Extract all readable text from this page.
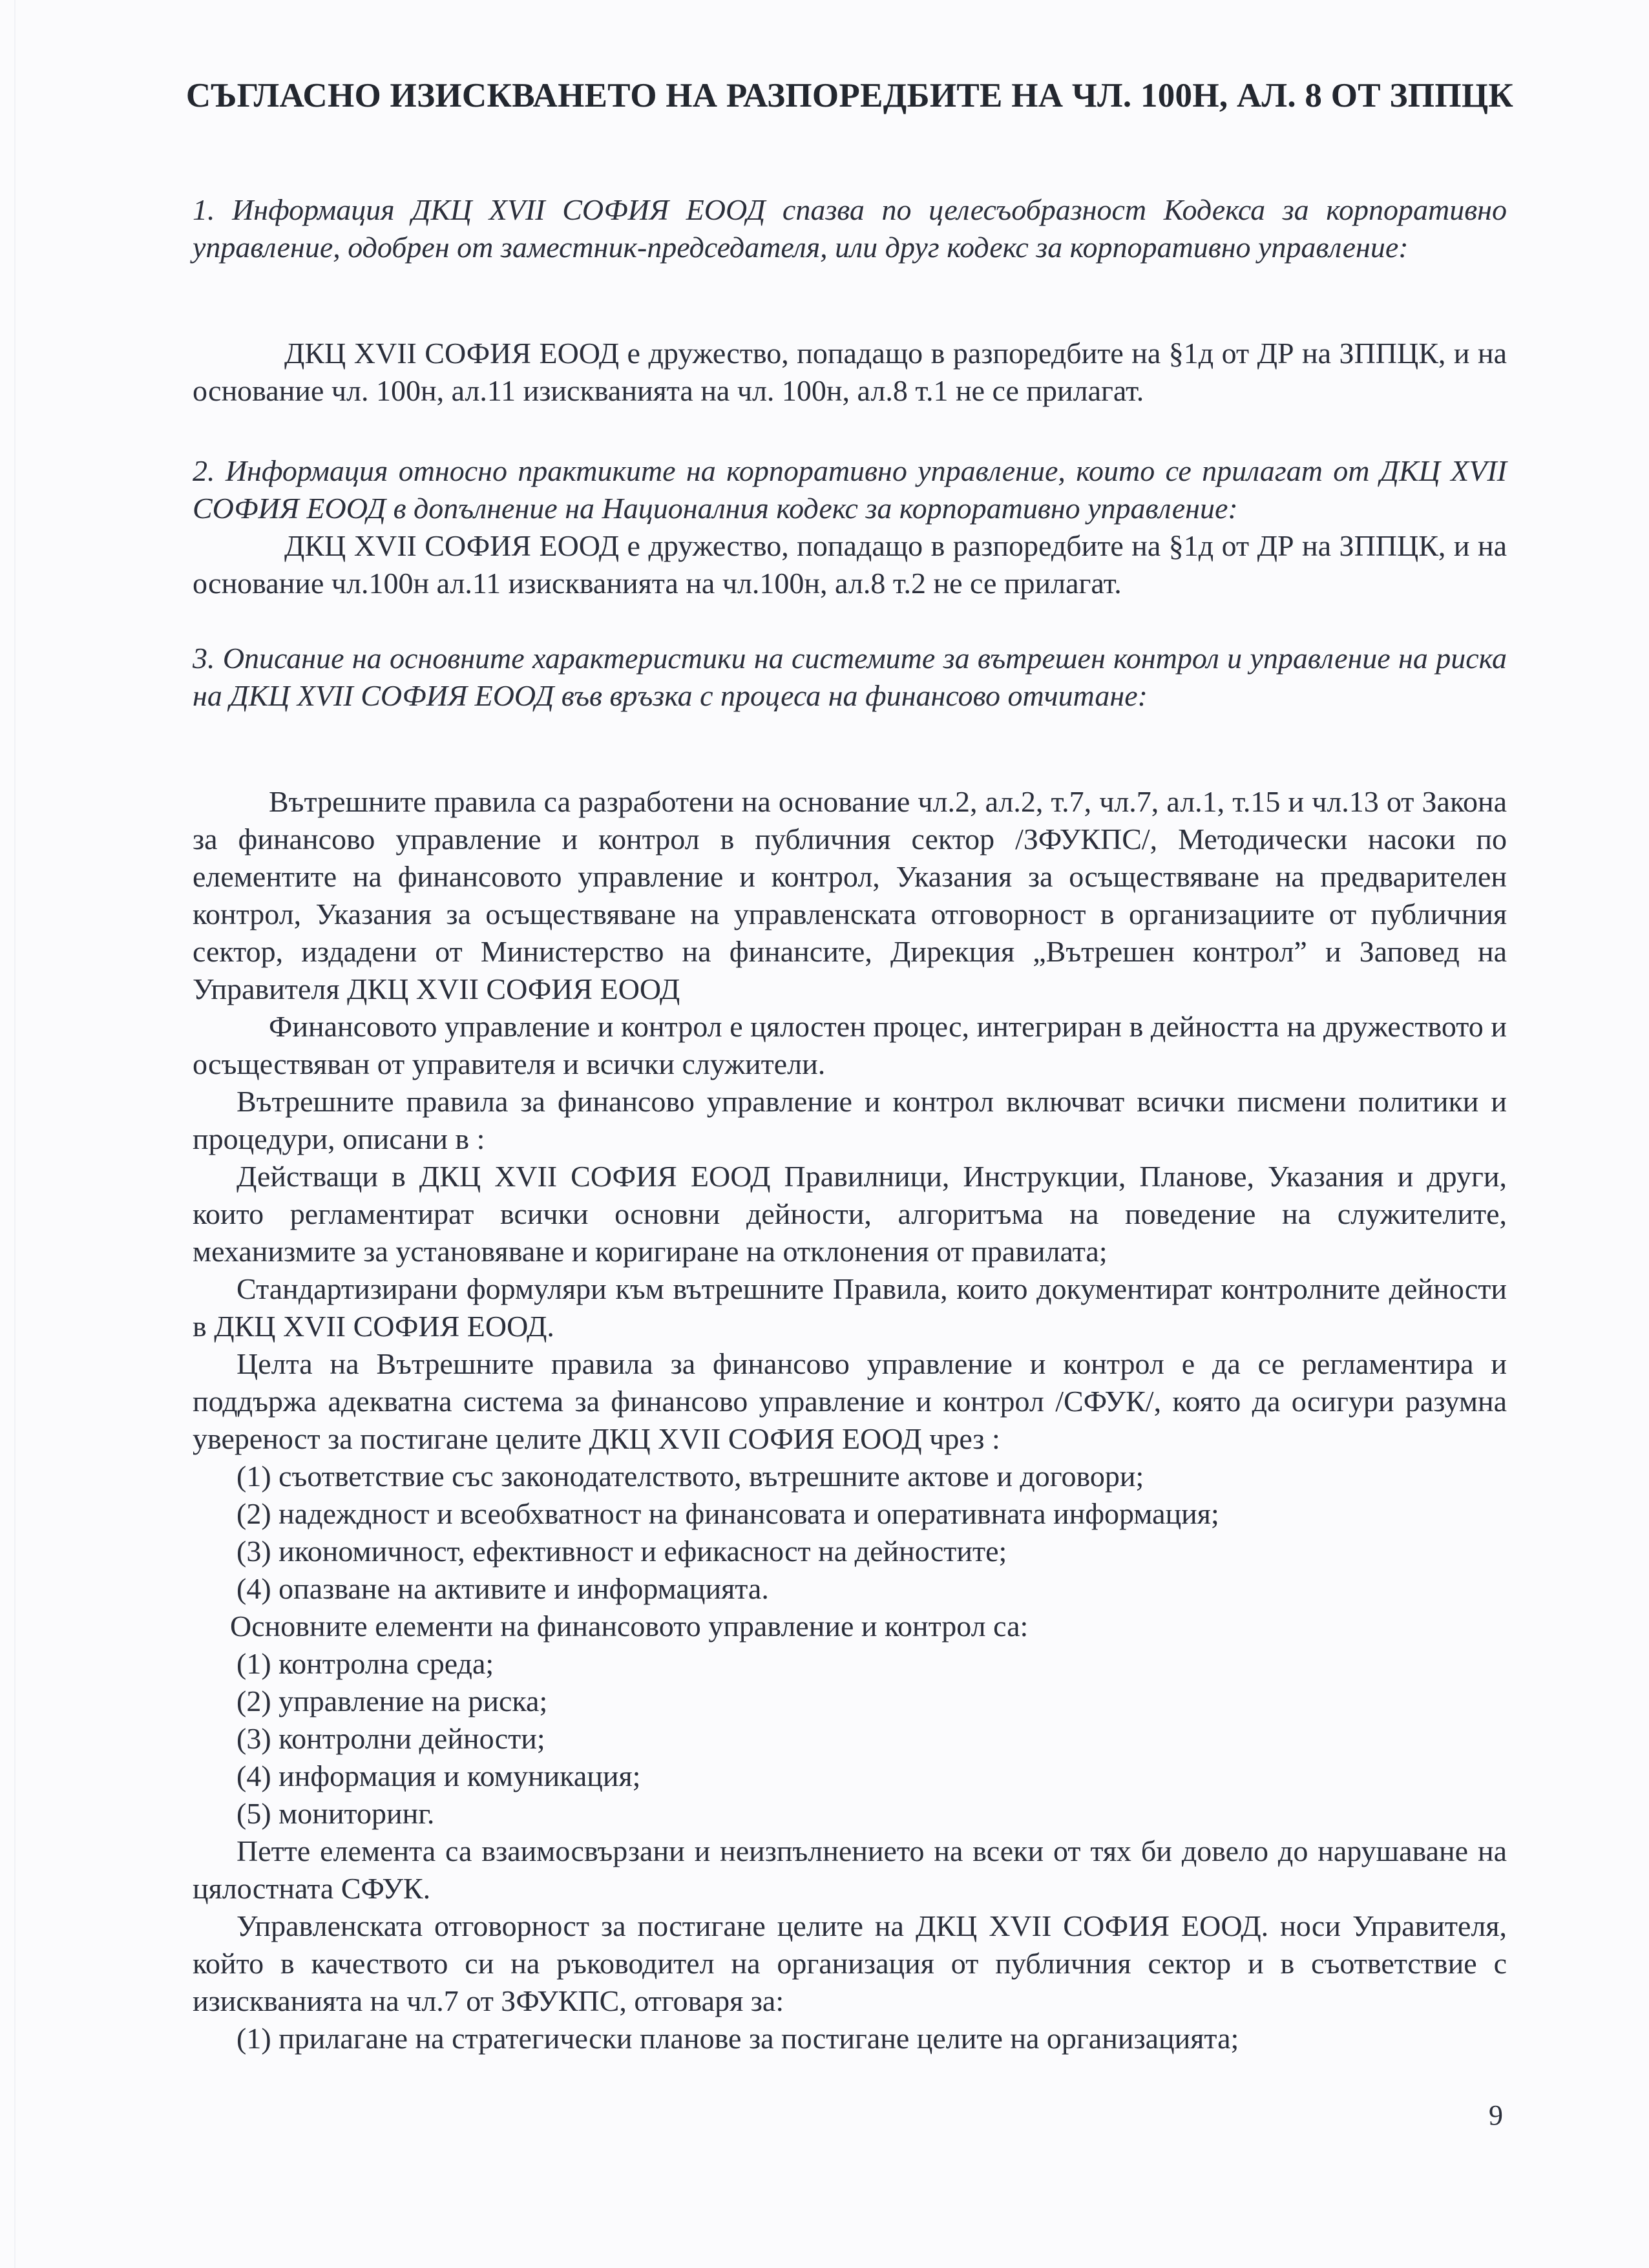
СЪГЛАСНО ИЗИСКВАНЕТО НА РАЗПОРЕДБИТЕ НА ЧЛ. 100Н, АЛ. 8 ОТ ЗППЦК

1. Информация ДКЦ XVII СОФИЯ ЕООД спазва по целесъобразност Кодекса за корпоративно управление, одобрен от заместник-председателя, или друг кодекс за корпоративно управление:

ДКЦ XVII СОФИЯ ЕООД е дружество, попадащо в разпоредбите на §1д от ДР на ЗППЦК, и на основание чл. 100н, ал.11 изискванията на чл. 100н, ал.8 т.1 не се прилагат.

2. Информация относно практиките на корпоративно управление, които се прилагат от ДКЦ XVII СОФИЯ ЕООД в допълнение на Националния кодекс за корпоративно управление:

ДКЦ XVII СОФИЯ ЕООД е дружество, попадащо в разпоредбите на §1д от ДР на ЗППЦК, и на основание чл.100н ал.11 изискванията на чл.100н, ал.8 т.2 не се прилагат.

3. Описание на основните характеристики на системите за вътрешен контрол и управление на риска на ДКЦ XVII СОФИЯ ЕООД във връзка с процеса на финансово отчитане:

Вътрешните правила са разработени на основание чл.2, ал.2, т.7, чл.7, ал.1, т.15 и чл.13 от Закона за финансово управление и контрол в публичния сектор /ЗФУКПС/, Методически насоки по елементите на финансовото управление и контрол, Указания за осъществяване на предварителен контрол, Указания за осъществяване на управленската отговорност в организациите от публичния сектор, издадени от Министерство на финансите, Дирекция „Вътрешен контрол” и Заповед на Управителя ДКЦ XVII СОФИЯ ЕООД

Финансовото управление и контрол е цялостен процес, интегриран в дейността на дружеството и осъществяван от управителя и всички служители.

Вътрешните правила за финансово управление и контрол включват всички писмени политики и процедури, описани в :

Действащи в ДКЦ XVII СОФИЯ ЕООД Правилници, Инструкции, Планове, Указания и други, които регламентират всички основни дейности, алгоритъма на поведение на служителите, механизмите за установяване и коригиране на отклонения от правилата;

Стандартизирани формуляри към вътрешните Правила, които документират контролните дейности в ДКЦ XVII СОФИЯ ЕООД.

Целта на Вътрешните правила за финансово управление и контрол е да се регламентира и поддържа адекватна система за финансово управление и контрол /СФУК/, която да осигури разумна увереност за постигане целите ДКЦ XVII СОФИЯ ЕООД чрез :

(1) съответствие със законодателството, вътрешните актове и договори;

(2) надеждност и всеобхватност на финансовата и оперативната информация;

(3) икономичност, ефективност и ефикасност на дейностите;

(4) опазване на активите и информацията.

Основните елементи на финансовото управление и контрол са:

(1) контролна среда;

(2) управление на риска;

(3) контролни дейности;

(4) информация и комуникация;

(5) мониторинг.

Петте елемента са взаимосвързани и неизпълнението на всеки от тях би довело до нарушаване на цялостната СФУК.

Управленската отговорност за постигане целите на ДКЦ XVII СОФИЯ ЕООД. носи Управителя, който в качеството си на ръководител на организация от публичния сектор и в съответствие с изискванията на чл.7 от ЗФУКПС, отговаря за:

(1) прилагане на стратегически планове за постигане целите на организацията;

9
